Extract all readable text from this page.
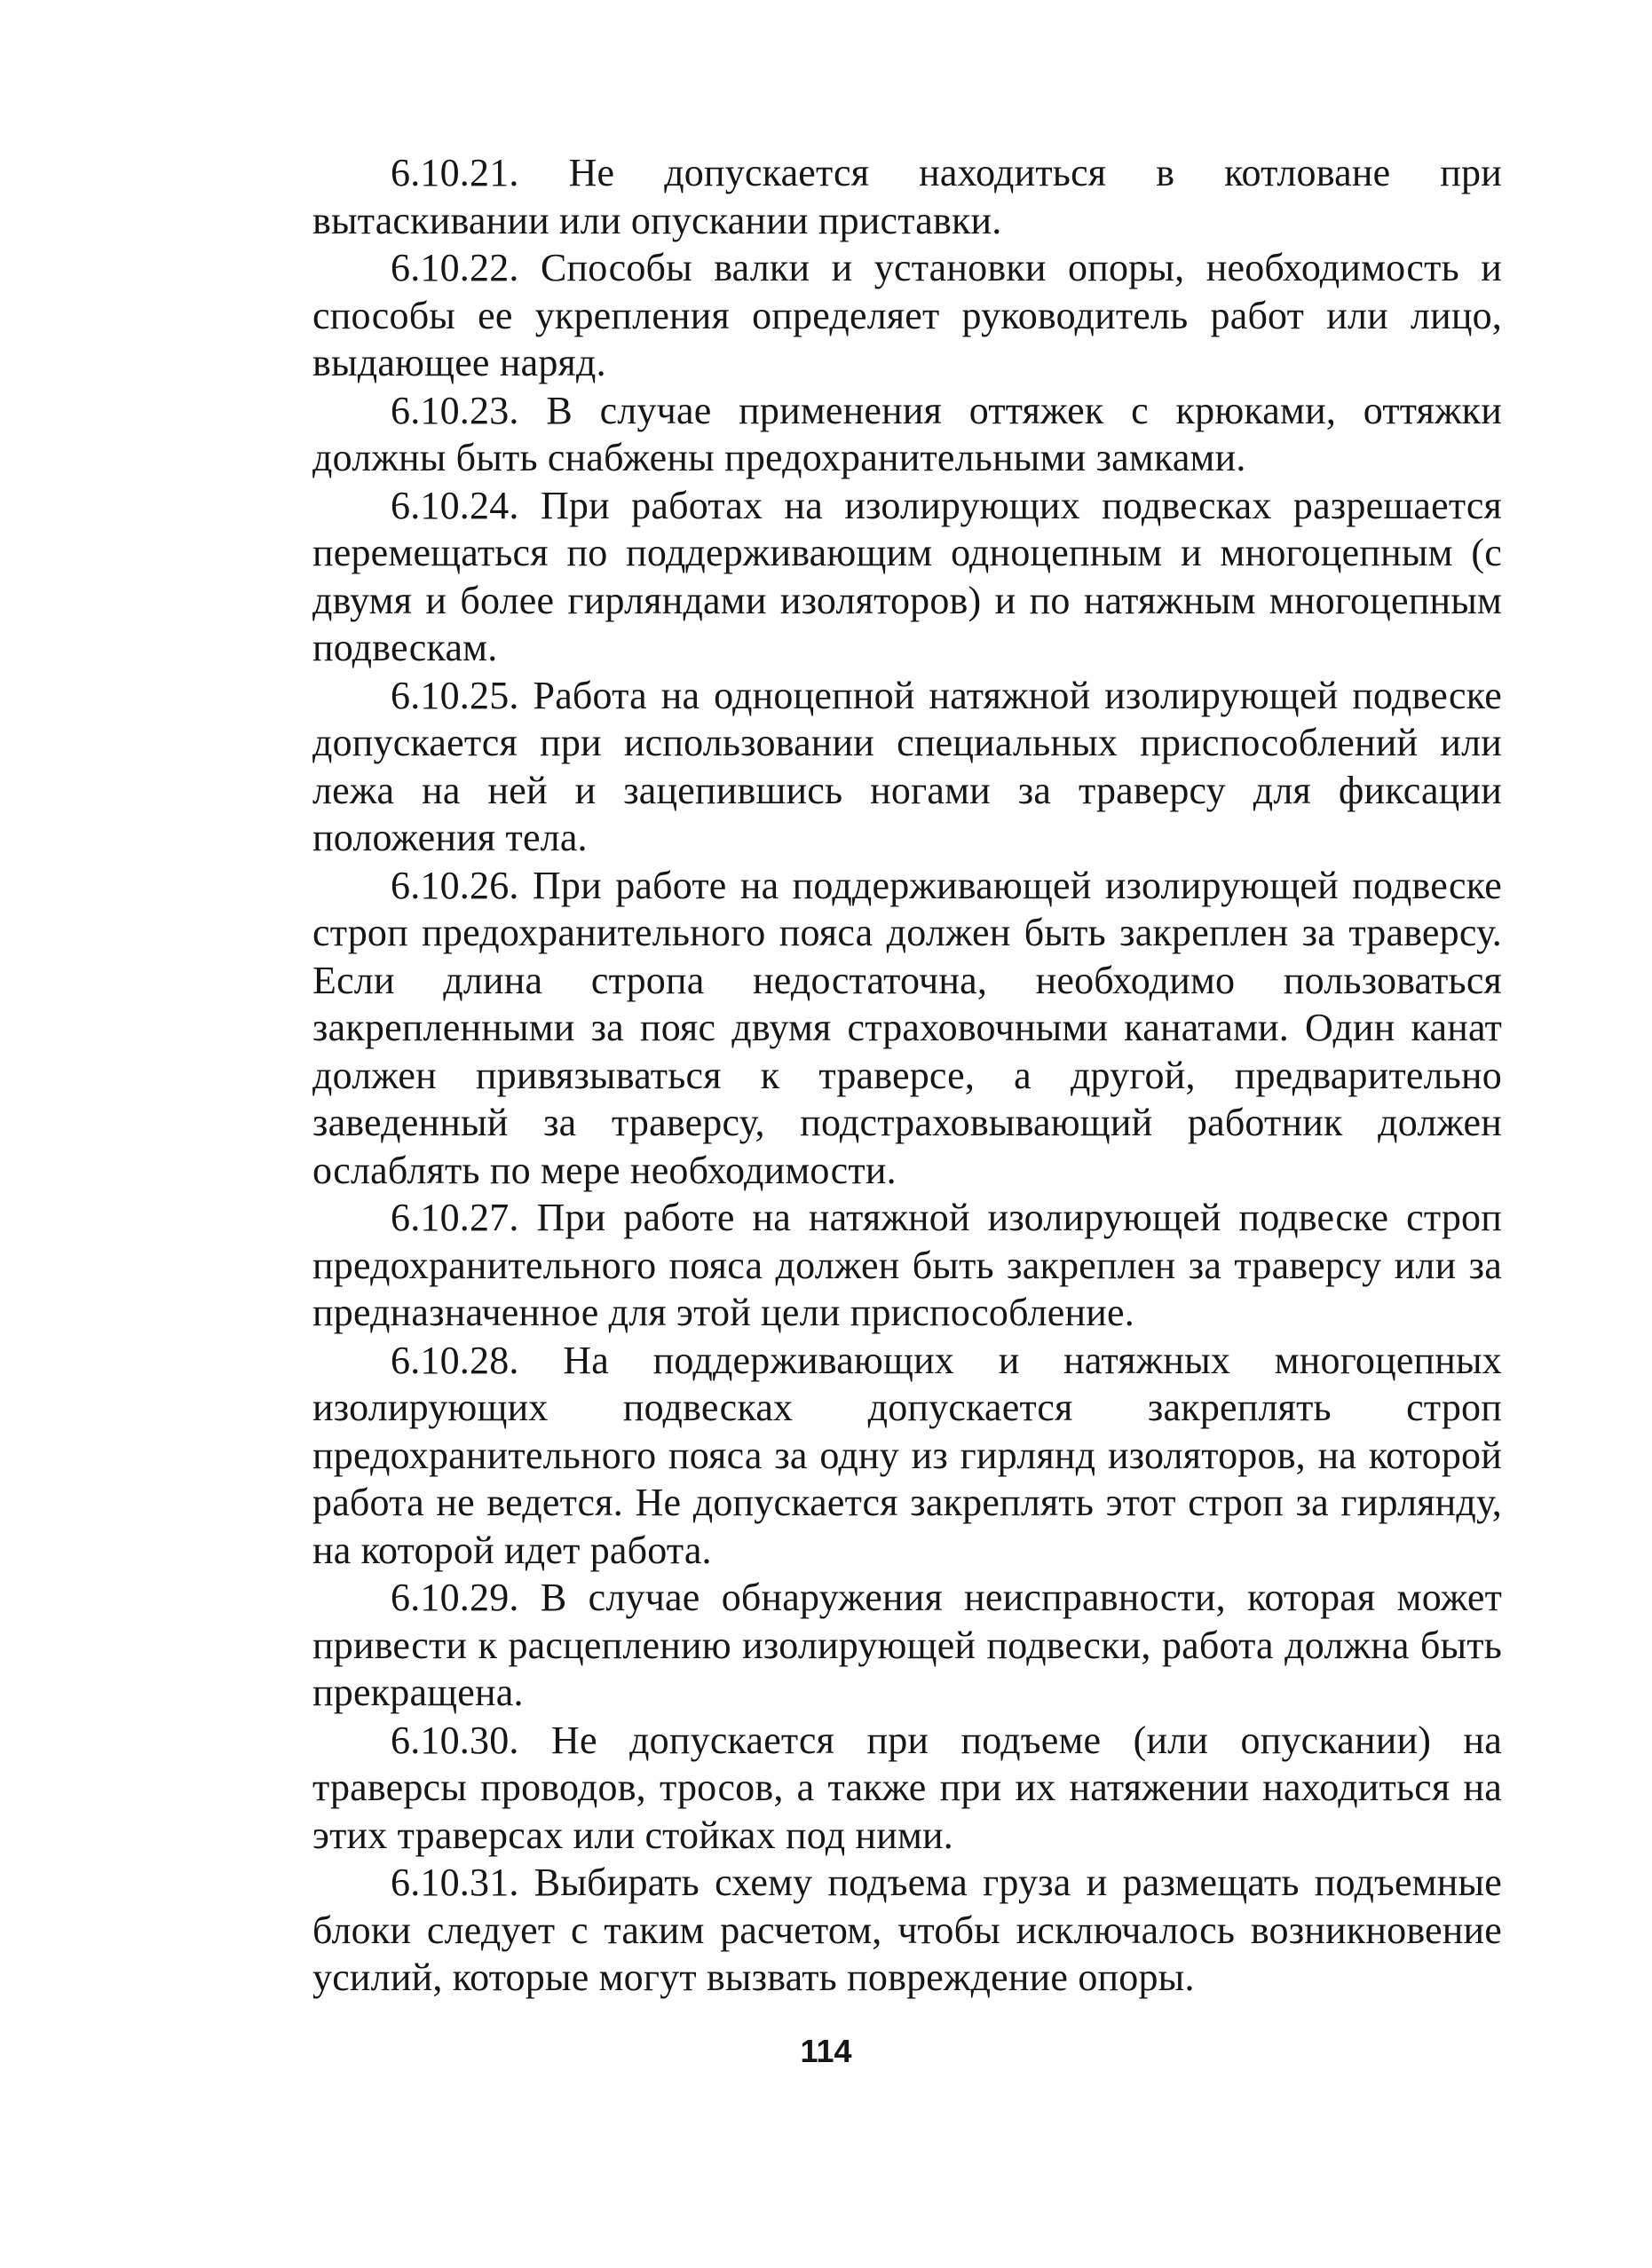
6.10.21. Не допускается находиться в котловане при вытаскивании или опускании приставки.

6.10.22. Способы валки и установки опоры, необходимость и способы ее укрепления определяет руководитель работ или лицо, выдающее наряд.

6.10.23. В случае применения оттяжек с крюками, оттяжки должны быть снабжены предохранительными замками.

6.10.24. При работах на изолирующих подвесках разрешается перемещаться по поддерживающим одноцепным и многоцепным (с двумя и более гирляндами изоляторов) и по натяжным многоцепным подвескам.

6.10.25. Работа на одноцепной натяжной изолирующей подвеске допускается при использовании специальных приспособлений или лежа на ней и зацепившись ногами за траверсу для фиксации положения тела.

6.10.26. При работе на поддерживающей изолирующей подвеске строп предохранительного пояса должен быть закреплен за траверсу. Если длина стропа недостаточна, необходимо пользоваться закрепленными за пояс двумя страховочными канатами. Один канат должен привязываться к траверсе, а другой, предварительно заведенный за траверсу, подстраховывающий работник должен ослаблять по мере необходимости.

6.10.27. При работе на натяжной изолирующей подвеске строп предохранительного пояса должен быть закреплен за траверсу или за предназначенное для этой цели приспособление.

6.10.28. На поддерживающих и натяжных многоцепных изолирующих подвесках допускается закреплять строп предохранительного пояса за одну из гирлянд изоляторов, на которой работа не ведется. Не допускается закреплять этот строп за гирлянду, на которой идет работа.

6.10.29. В случае обнаружения неисправности, которая может привести к расцеплению изолирующей подвески, работа должна быть прекращена.

6.10.30. Не допускается при подъеме (или опускании) на траверсы проводов, тросов, а также при их натяжении находиться на этих траверсах или стойках под ними.

6.10.31. Выбирать схему подъема груза и размещать подъемные блоки следует с таким расчетом, чтобы исключалось возникновение усилий, которые могут вызвать повреждение опоры.

114
